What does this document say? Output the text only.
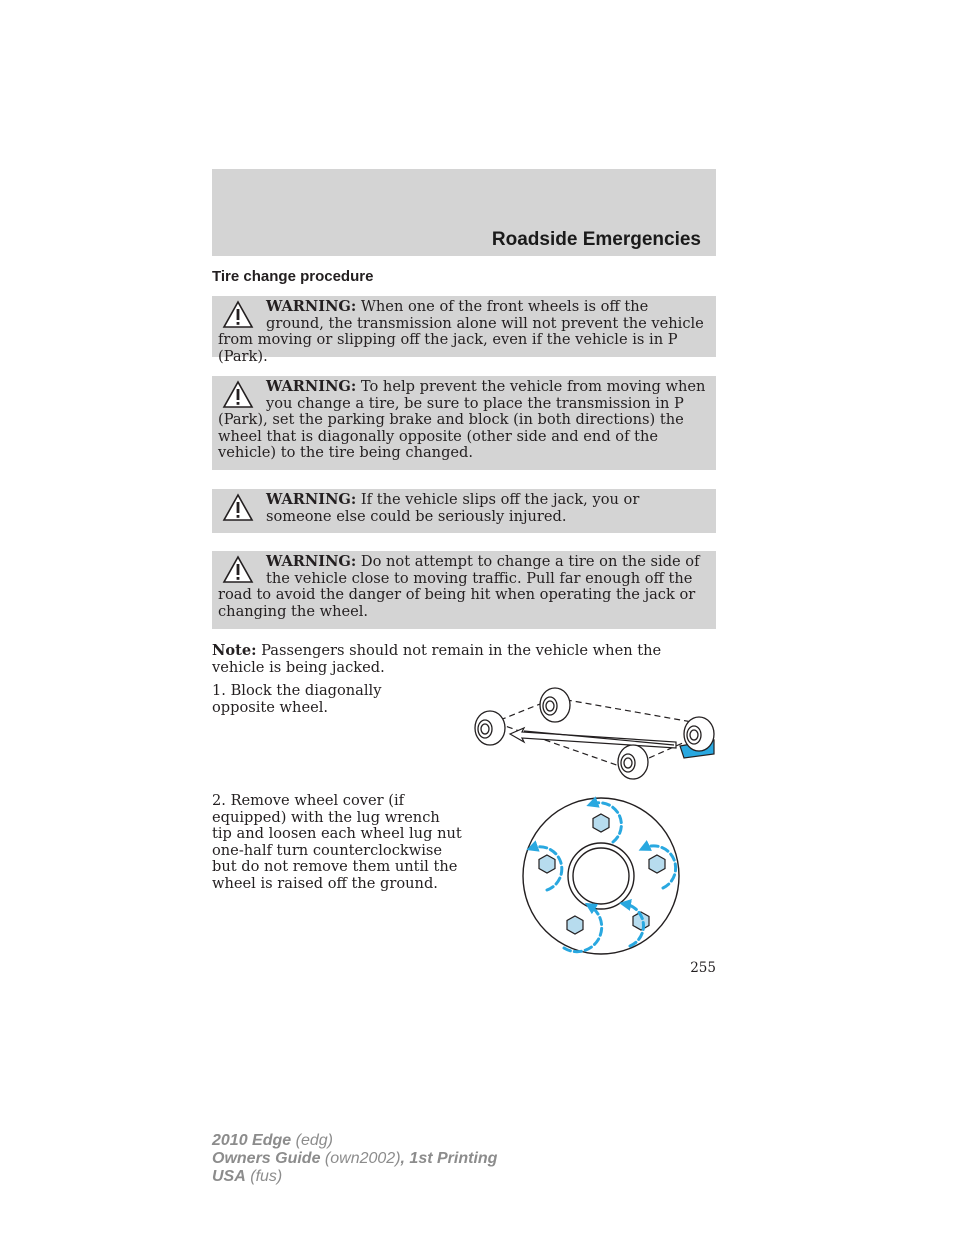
Roadside Emergencies
Tire change procedure
WARNING: When one of the front wheels is off the ground, the transmission alone will not prevent the vehicle from moving or slipping off the jack, even if the vehicle is in P (Park).
WARNING: To help prevent the vehicle from moving when you change a tire, be sure to place the transmission in P (Park), set the parking brake and block (in both directions) the wheel that is diagonally opposite (other side and end of the vehicle) to the tire being changed.
WARNING: If the vehicle slips off the jack, you or someone else could be seriously injured.
WARNING: Do not attempt to change a tire on the side of the vehicle close to moving traffic. Pull far enough off the road to avoid the danger of being hit when operating the jack or changing the wheel.
Note: Passengers should not remain in the vehicle when the vehicle is being jacked.
1. Block the diagonally opposite wheel.
2. Remove wheel cover (if equipped) with the lug wrench tip and loosen each wheel lug nut one-half turn counterclockwise but do not remove them until the wheel is raised off the ground.
255
2010 Edge (edg)
Owners Guide (own2002), 1st Printing
USA (fus)
